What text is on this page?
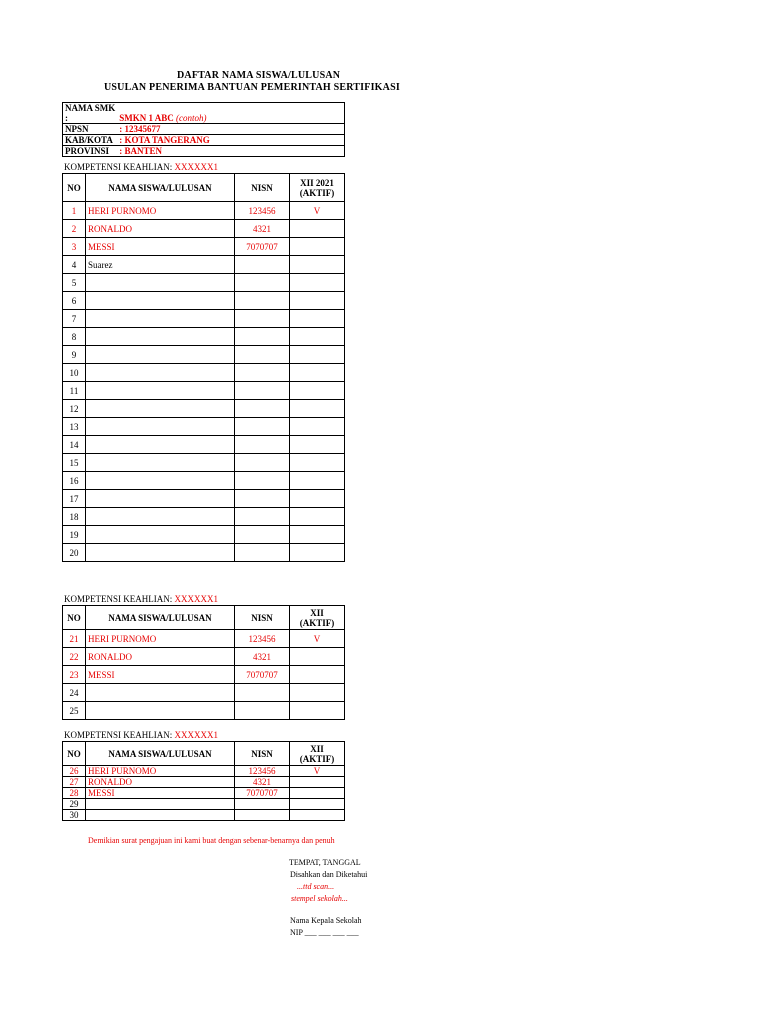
DAFTAR NAMA SISWA/LULUSAN
USULAN PENERIMA BANTUAN PEMERINTAH SERTIFIKASI
NAMA SMK :	SMKN 1 ABC (contoh)
NPSN	: 12345677
KAB/KOTA : KOTA TANGERANG
PROVINSI : BANTEN
KOMPETENSI KEAHLIAN: XXXXXX1
NO	NAMA SISWA/LULUSAN	NISN	XII 2021 (AKTIF)
1	HERI PURNOMO	123456	V
2	RONALDO	4321	
3	MESSI	7070707	
4	Suarez		
5			
6			
7			
8			
9			
10			
11			
12			
13			
14			
15			
16			
17			
18			
19			
20			
KOMPETENSI KEAHLIAN: XXXXXX1
NO	NAMA SISWA/LULUSAN	NISN	XII (AKTIF)
21	HERI PURNOMO	123456	V
22	RONALDO	4321	
23	MESSI	7070707	
24			
25			
KOMPETENSI KEAHLIAN: XXXXXX1
NO	NAMA SISWA/LULUSAN	NISN	XII (AKTIF)
26	HERI PURNOMO	123456	V
27	RONALDO	4321	
28	MESSI	7070707	
29			
30			
Demikian surat pengajuan ini kami buat dengan sebenar-benarnya dan penuh
TEMPAT, TANGGAL
Disahkan dan Diketahui
...ttd scan...
stempel sekolah...
Nama Kepala Sekolah
NIP ___ ___ ___ ___
